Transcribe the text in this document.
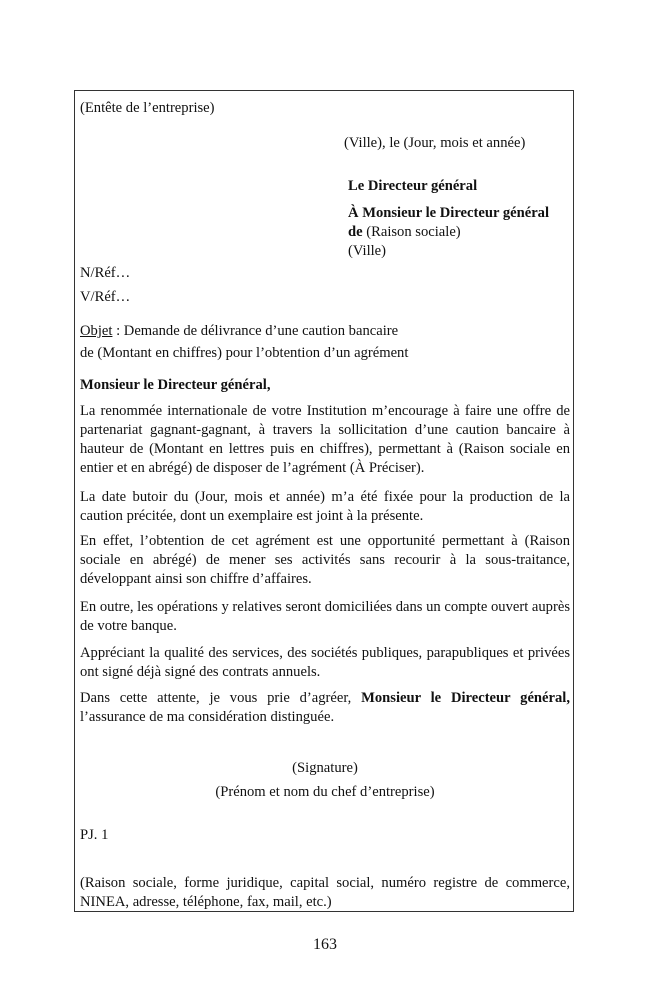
(Entête de l’entreprise)

(Ville), le (Jour, mois et année)

Le Directeur général

À Monsieur le Directeur général
de (Raison sociale)
(Ville)
N/Réf…
V/Réf…
Objet : Demande de délivrance d’une caution bancaire
de (Montant en chiffres) pour l’obtention d’un agrément

Monsieur le Directeur général,

La renommée internationale de votre Institution m’encourage à faire une offre de partenariat gagnant-gagnant, à travers la sollicitation d’une caution bancaire à hauteur de (Montant en lettres puis en chiffres), permettant à (Raison sociale en entier et en abrégé) de disposer de l’agrément (À Préciser).

La date butoir du (Jour, mois et année) m’a été fixée pour la production de la caution précitée, dont un exemplaire est joint à la présente.

En effet, l’obtention de cet agrément est une opportunité permettant à (Raison sociale en abrégé) de mener ses activités sans recourir à la sous-traitance, développant ainsi son chiffre d’affaires.

En outre, les opérations y relatives seront domiciliées dans un compte ouvert auprès de votre banque.

Appréciant la qualité des services, des sociétés publiques, parapubliques et privées ont signé déjà signé des contrats annuels.

Dans cette attente, je vous prie d’agréer, Monsieur le Directeur général, l’assurance de ma considération distinguée.

(Signature)

(Prénom et nom du chef d’entreprise)

PJ. 1

(Raison sociale, forme juridique, capital social, numéro registre de commerce, NINEA, adresse, téléphone, fax, mail, etc.)

163
